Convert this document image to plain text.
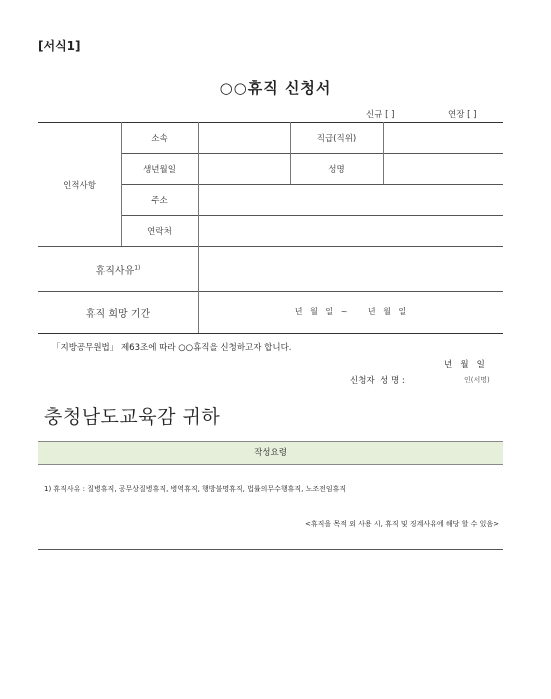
[서식1]
○○휴직 신청서
신규 [ ]	연장 [ ]
인적사항
소속	직급(직위)
생년월일	성명
주소
연락처
휴직사유$^{1)}$
휴직 희망 기간	년   월   일   ~        년   월   일
「지방공무원법」 제63조에 따라 ○○휴직을 신청하고자 합니다.
년   월   일
신청자  성 명 :	인(서명)
충청남도교육감 귀하
작성요령
1) 휴직사유 : 질병휴직, 공무상질병휴직, 병역휴직, 행방불명휴직, 법률의무수행휴직, 노조전임휴직
<휴직을 목적 외 사용 시, 휴직 및 징계사유에 해당 할 수 있음>
